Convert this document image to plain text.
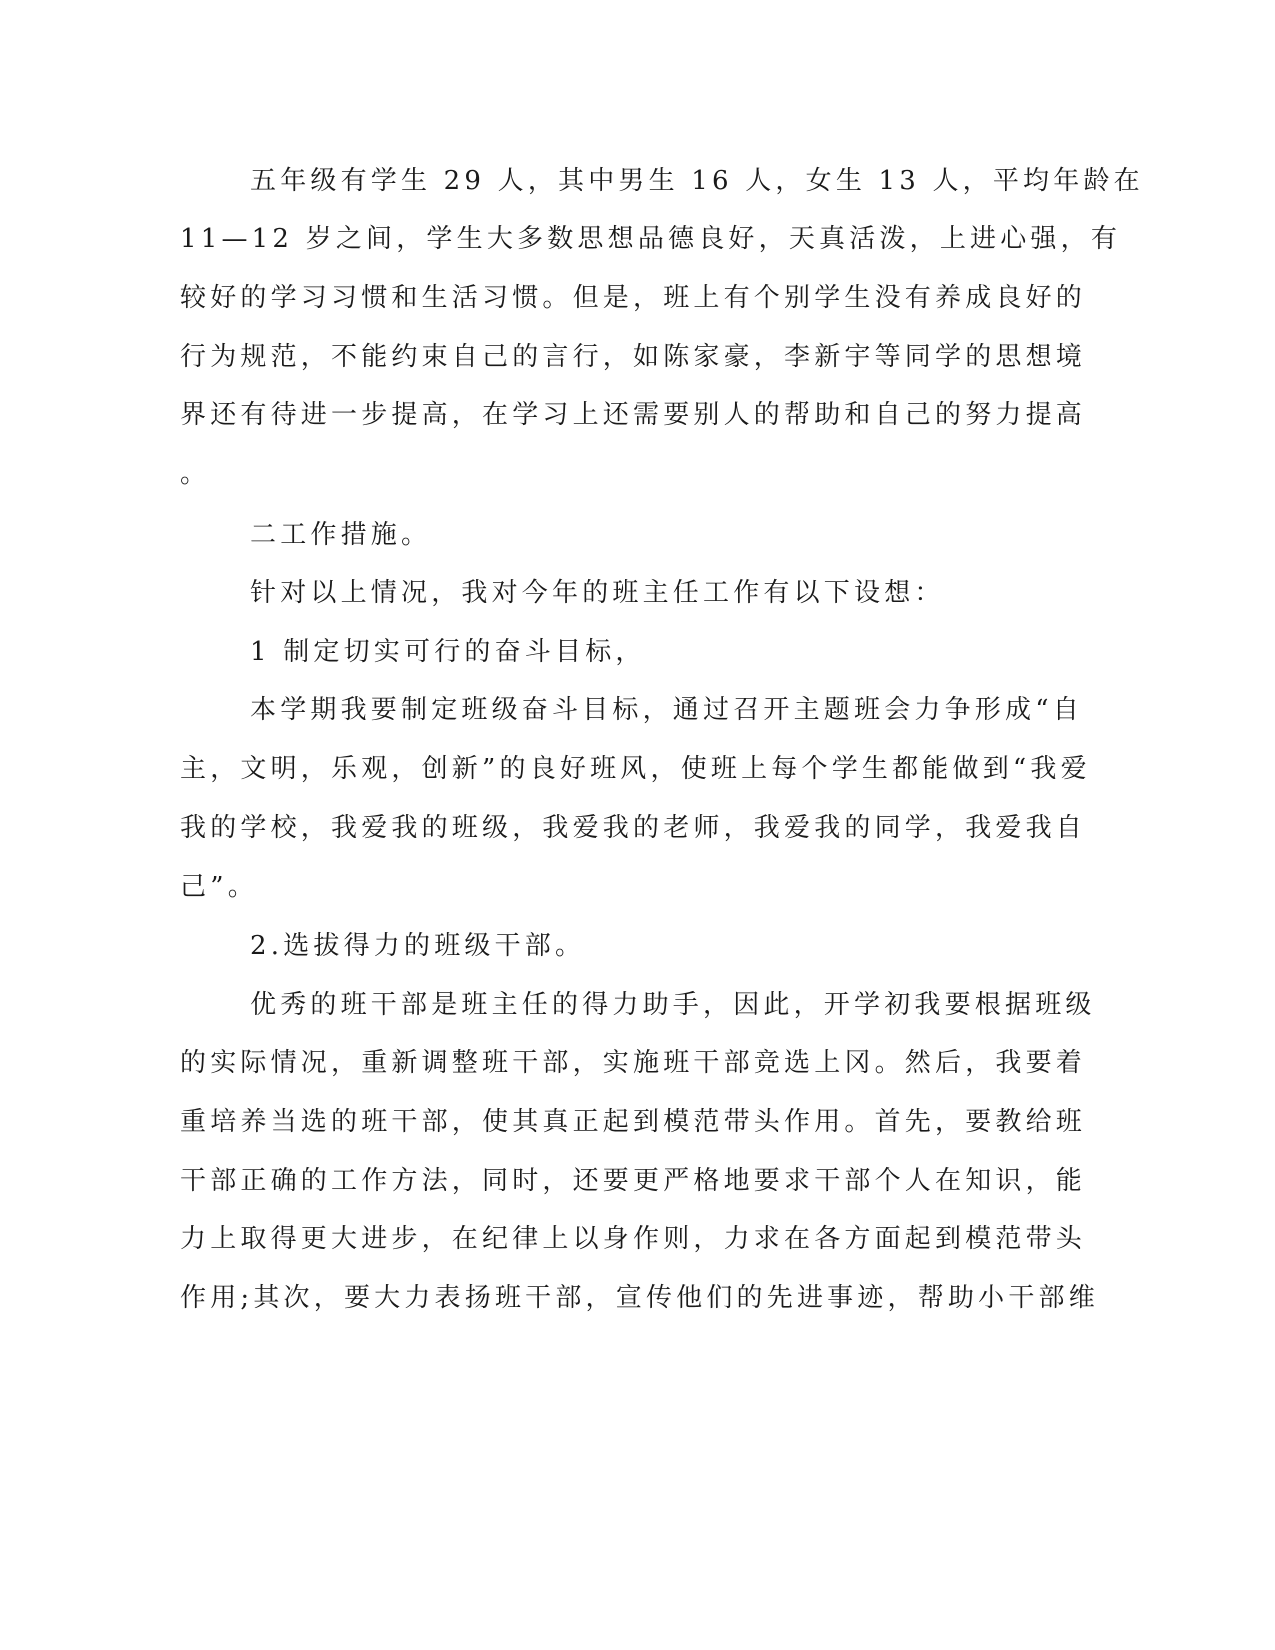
五年级有学生 29 人，其中男生 16 人，女生 13 人，平均年龄在
11—12 岁之间，学生大多数思想品德良好，天真活泼，上进心强，有
较好的学习习惯和生活习惯。但是，班上有个别学生没有养成良好的
行为规范，不能约束自己的言行，如陈家豪，李新宇等同学的思想境
界还有待进一步提高，在学习上还需要别人的帮助和自己的努力提高
。
二工作措施。
针对以上情况，我对今年的班主任工作有以下设想：
1 制定切实可行的奋斗目标，
本学期我要制定班级奋斗目标，通过召开主题班会力争形成“自
主，文明，乐观，创新”的良好班风，使班上每个学生都能做到“我爱
我的学校，我爱我的班级，我爱我的老师，我爱我的同学，我爱我自
己”。
2.选拔得力的班级干部。
优秀的班干部是班主任的得力助手，因此，开学初我要根据班级
的实际情况，重新调整班干部，实施班干部竞选上冈。然后，我要着
重培养当选的班干部，使其真正起到模范带头作用。首先，要教给班
干部正确的工作方法，同时，还要更严格地要求干部个人在知识，能
力上取得更大进步，在纪律上以身作则，力求在各方面起到模范带头
作用;其次，要大力表扬班干部，宣传他们的先进事迹，帮助小干部维
